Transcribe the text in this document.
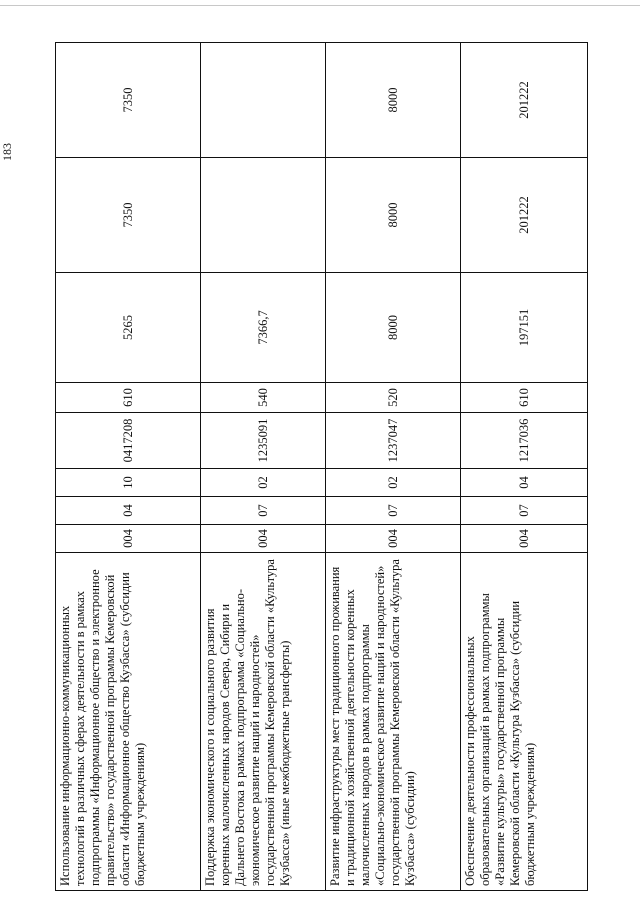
183
Использование информационно-коммуникационных технологий в различных сферах деятельности в рамках подпрограммы «Информационное общество и электронное правительство» государственной программы Кемеровской области «Информационное общество Кузбасса» (субсидии бюджетным учреждениям)	004	04	10	0417208	610	5265	7350	7350
Поддержка экономического и социального развития коренных малочисленных народов Севера, Сибири и Дальнего Востока в рамках подпрограмма «Социально-экономическое развитие наций и народностей» государственной программы Кемеровской области «Культура Кузбасса» (иные межбюджетные трансферты)	004	07	02	1235091	540	7366,7		
Развитие инфраструктуры мест традиционного проживания и традиционной хозяйственной деятельности коренных малочисленных народов в рамках подпрограммы «Социально-экономическое развитие наций и народностей» государственной программы Кемеровской области «Культура Кузбасса» (субсидии)	004	07	02	1237047	520	8000	8000	8000
Обеспечение деятельности профессиональных образовательных организаций в рамках подпрограммы «Развитие культуры» государственной программы Кемеровской области «Культура Кузбасса» (субсидии бюджетным учреждениям)	004	07	04	1217036	610	197151	201222	201222
